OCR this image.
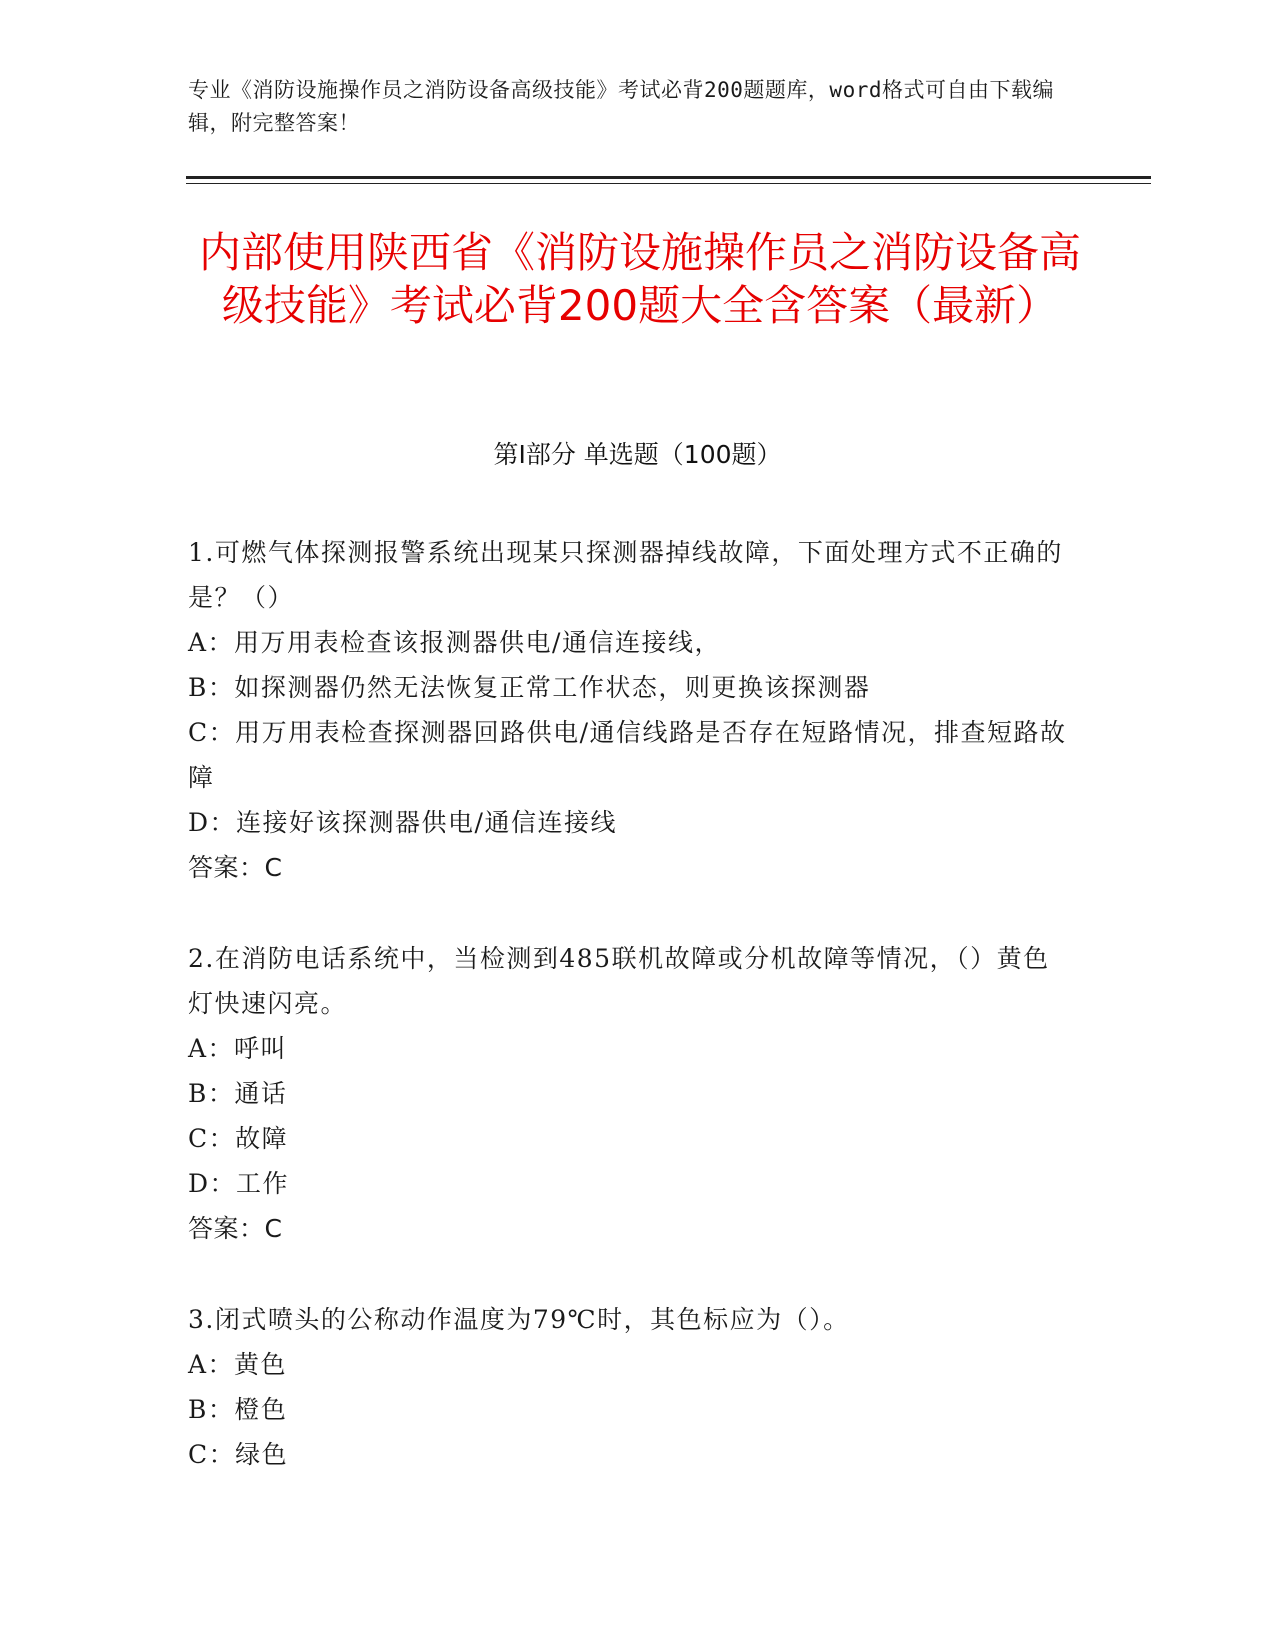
专业《消防设施操作员之消防设备高级技能》考试必背200题题库，word格式可自由下载编辑，附完整答案！
内部使用陕西省《消防设施操作员之消防设备高级技能》考试必背200题大全含答案（最新）
第Ⅰ部分 单选题（100题）

1.可燃气体探测报警系统出现某只探测器掉线故障，下面处理方式不正确的是？（）

A：用万用表检查该报测器供电/通信连接线，

B：如探测器仍然无法恢复正常工作状态，则更换该探测器

C：用万用表检查探测器回路供电/通信线路是否存在短路情况，排查短路故障

D：连接好该探测器供电/通信连接线

答案：C

2.在消防电话系统中，当检测到485联机故障或分机故障等情况，（）黄色灯快速闪亮。

A：呼叫

B：通话

C：故障

D：工作

答案：C

3.闭式喷头的公称动作温度为79℃时，其色标应为（）。

A：黄色

B：橙色

C：绿色
